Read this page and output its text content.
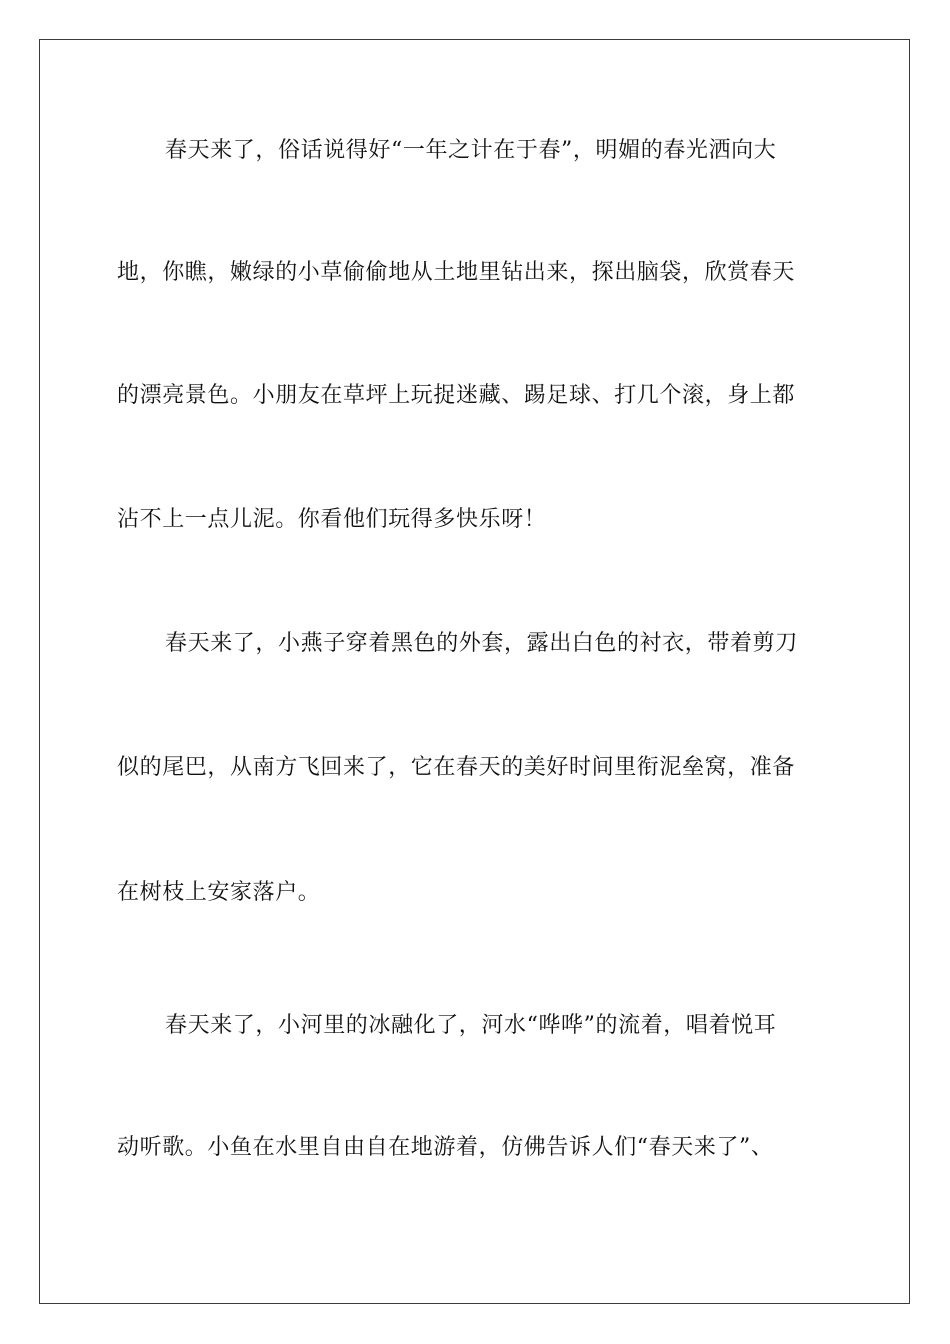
春天来了，俗话说得好“一年之计在于春”，明媚的春光洒向大
地，你瞧，嫩绿的小草偷偷地从土地里钻出来，探出脑袋，欣赏春天
的漂亮景色。小朋友在草坪上玩捉迷藏、踢足球、打几个滚，身上都
沾不上一点儿泥。你看他们玩得多快乐呀！
春天来了，小燕子穿着黑色的外套，露出白色的衬衣，带着剪刀
似的尾巴，从南方飞回来了，它在春天的美好时间里衔泥垒窝，准备
在树枝上安家落户。
春天来了，小河里的冰融化了，河水“哗哗”的流着，唱着悦耳
动听歌。小鱼在水里自由自在地游着，仿佛告诉人们“春天来了”、
